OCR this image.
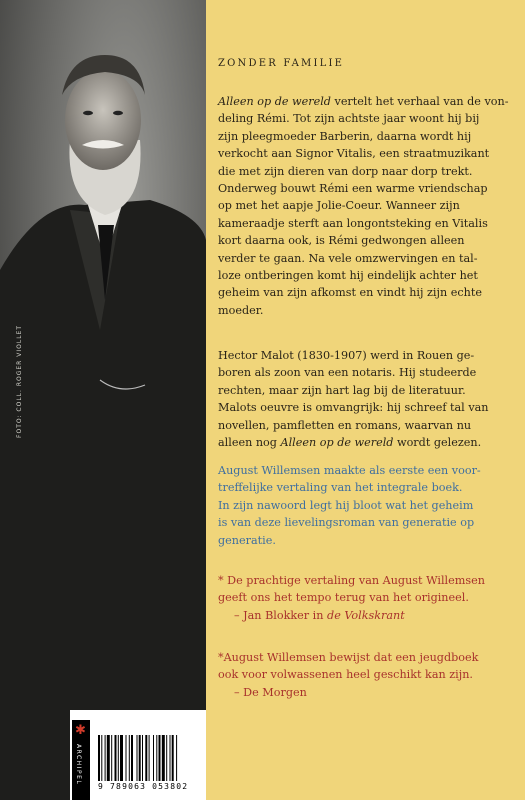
FOTO: COLL. ROGER VIOLLET
ZONDER FAMILIE

Alleen op de wereld vertelt het verhaal van de von-
deling Rémi. Tot zijn achtste jaar woont hij bij
zijn pleegmoeder Barberin, daarna wordt hij
verkocht aan Signor Vitalis, een straatmuzikant
die met zijn dieren van dorp naar dorp trekt.
Onderweg bouwt Rémi een warme vriendschap
op met het aapje Jolie-Coeur. Wanneer zijn
kameraadje sterft aan longontsteking en Vitalis
kort daarna ook, is Rémi gedwongen alleen
verder te gaan. Na vele omzwervingen en tal-
loze ontberingen komt hij eindelijk achter het
geheim van zijn afkomst en vindt hij zijn echte
moeder.

Hector Malot (1830-1907) werd in Rouen ge-
boren als zoon van een notaris. Hij studeerde
rechten, maar zijn hart lag bij de literatuur.
Malots oeuvre is omvangrijk: hij schreef tal van
novellen, pamfletten en romans, waarvan nu
alleen nog Alleen op de wereld wordt gelezen.

August Willemsen maakte als eerste een voor-
treffelijke vertaling van het integrale boek.
In zijn nawoord legt hij bloot wat het geheim
is van deze lievelingsroman van generatie op
generatie.

* De prachtige vertaling van August Willemsen
geeft ons het tempo terug van het origineel.
– Jan Blokker in de Volkskrant

*August Willemsen bewijst dat een jeugdboek
ook voor volwassenen heel geschikt kan zijn.
– De Morgen

✱
ARCHIPEL
9 789063 053802
